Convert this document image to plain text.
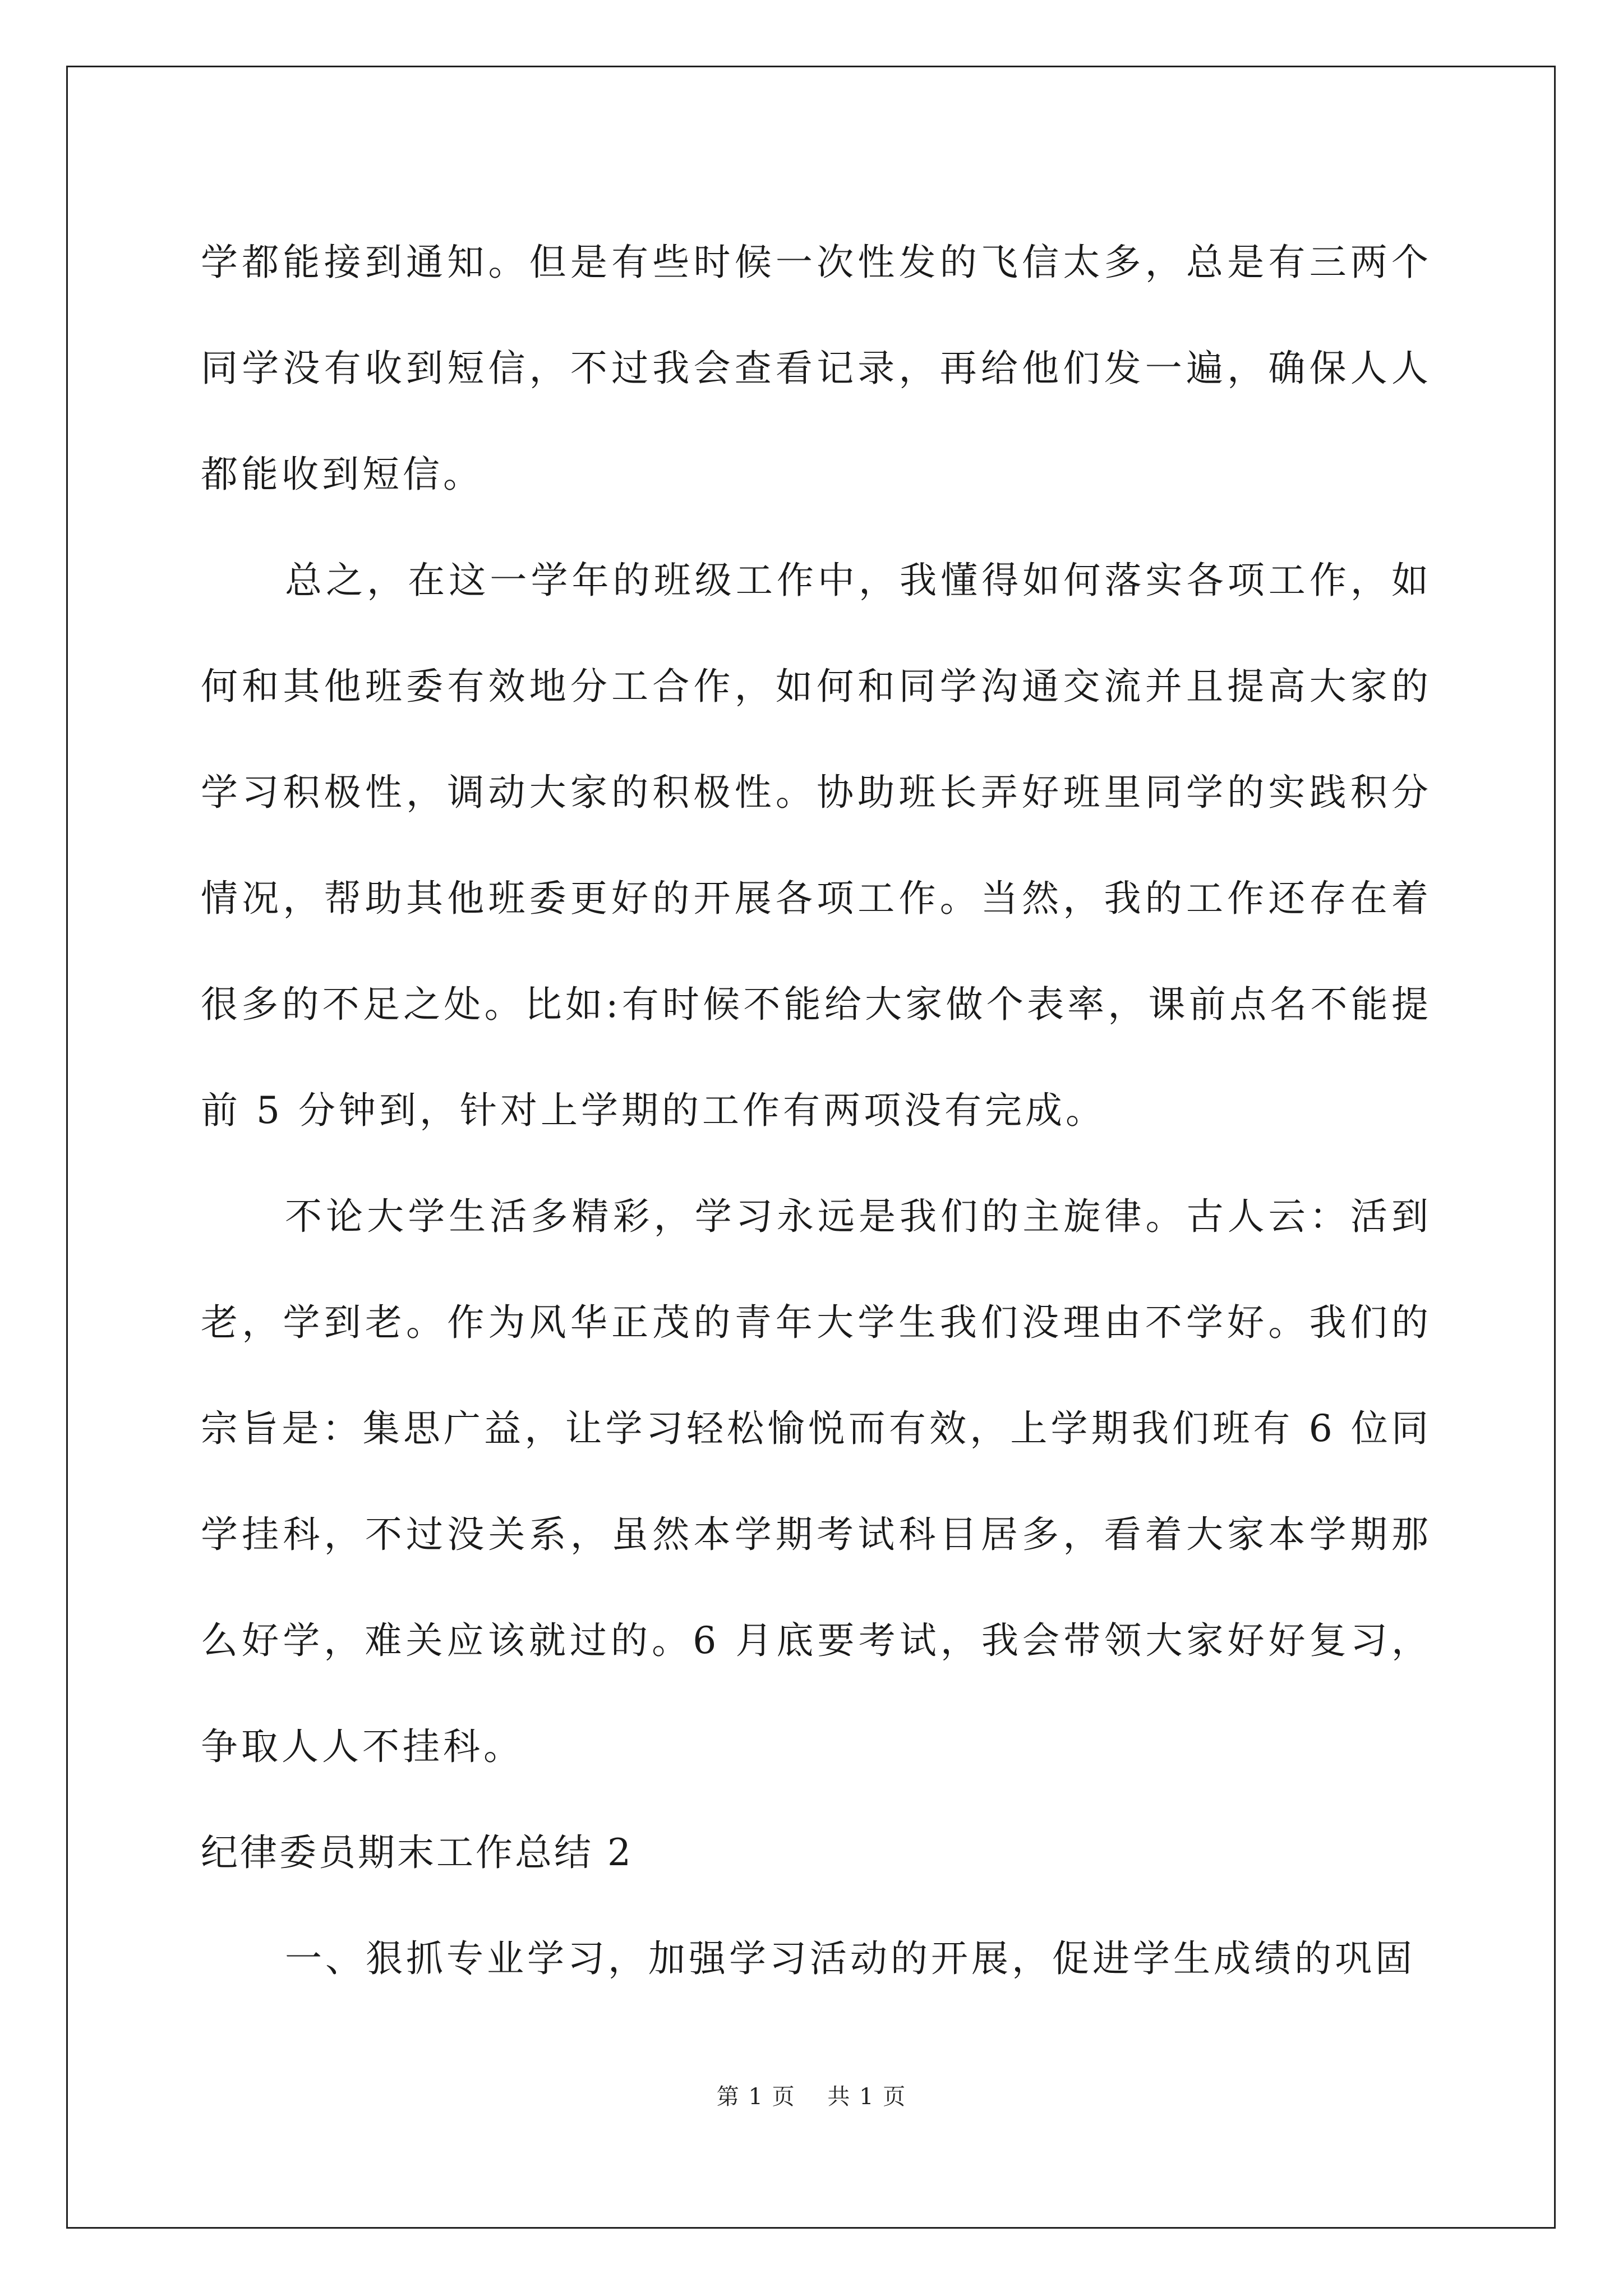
学都能接到通知。但是有些时候一次性发的飞信太多，总是有三两个
同学没有收到短信，不过我会查看记录，再给他们发一遍，确保人人
都能收到短信。
总之，在这一学年的班级工作中，我懂得如何落实各项工作，如
何和其他班委有效地分工合作，如何和同学沟通交流并且提高大家的
学习积极性，调动大家的积极性。协助班长弄好班里同学的实践积分
情况，帮助其他班委更好的开展各项工作。当然，我的工作还存在着
很多的不足之处。比如:有时候不能给大家做个表率，课前点名不能提
前 5 分钟到，针对上学期的工作有两项没有完成。
不论大学生活多精彩，学习永远是我们的主旋律。古人云：活到
老，学到老。作为风华正茂的青年大学生我们没理由不学好。我们的
宗旨是：集思广益，让学习轻松愉悦而有效，上学期我们班有 6 位同
学挂科，不过没关系，虽然本学期考试科目居多，看着大家本学期那
么好学，难关应该就过的。6 月底要考试，我会带领大家好好复习，
争取人人不挂科。
纪律委员期末工作总结 2
一、狠抓专业学习，加强学习活动的开展，促进学生成绩的巩固
第 1 页 共 1 页
